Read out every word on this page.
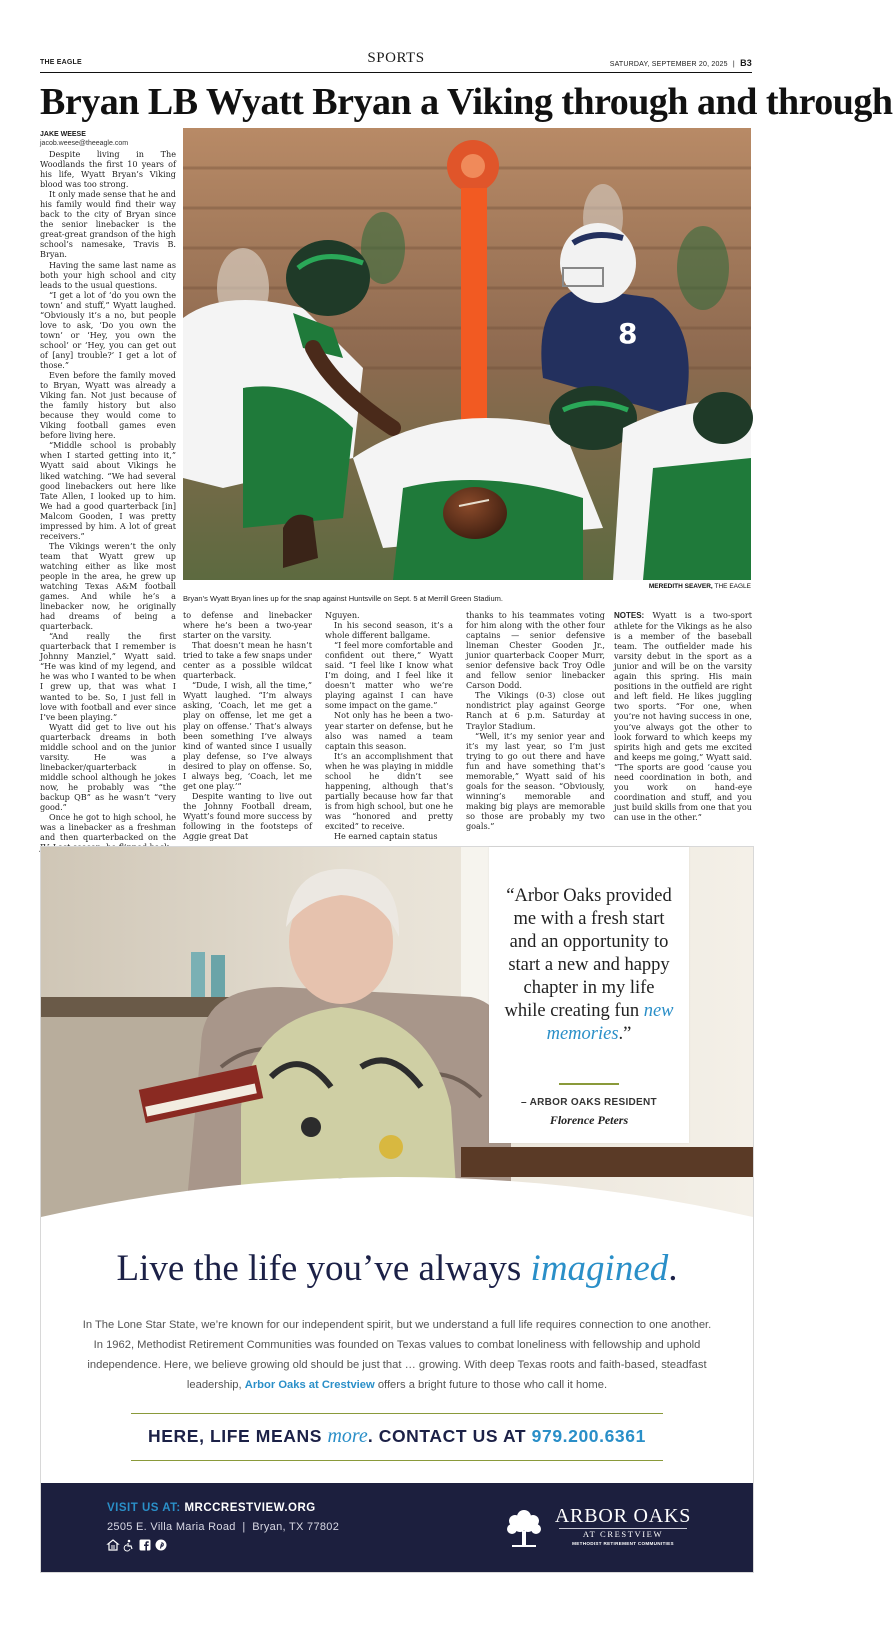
THE EAGLE	SPORTS	SATURDAY, SEPTEMBER 20, 2025 | B3
Bryan LB Wyatt Bryan a Viking through and through
JAKE WEESE
jacob.weese@theeagle.com

Despite living in The Woodlands the first 10 years of his life, Wyatt Bryan’s Viking blood was too strong.

It only made sense that he and his family would find their way back to the city of Bryan since the senior linebacker is the great-great grandson of the high school’s namesake, Travis B. Bryan.

Having the same last name as both your high school and city leads to the usual questions.

“I get a lot of ‘do you own the town’ and stuff,” Wyatt laughed. “Obviously it’s a no, but people love to ask, ‘Do you own the town’ or ‘Hey, you own the school’ or ‘Hey, you can get out of [any] trouble?’ I get a lot of those.”

Even before the family moved to Bryan, Wyatt was already a Viking fan. Not just because of the family history but also because they would come to Viking football games even before living here.

“Middle school is probably when I started getting into it,” Wyatt said about Vikings he liked watching. “We had several good linebackers out here like Tate Allen, I looked up to him. We had a good quarterback [in] Malcom Gooden, I was pretty impressed by him. A lot of great receivers.”

The Vikings weren’t the only team that Wyatt grew up watching either as like most people in the area, he grew up watching Texas A&M football games. And while he’s a linebacker now, he originally had dreams of being a quarterback.

“And really the first quarterback that I remember is Johnny Manziel,” Wyatt said. “He was kind of my legend, and he was who I wanted to be when I grew up, that was what I wanted to be. So, I just fell in love with football and ever since I’ve been playing.”

Wyatt did get to live out his quarterback dreams in both middle school and on the junior varsity. He was a linebacker/quarterback in middle school although he jokes now, he probably was “the backup QB” as he wasn’t “very good.”

Once he got to high school, he was a linebacker as a freshman and then quarterbacked on the

8
MEREDITH SEAVER, THE EAGLE
Bryan’s Wyatt Bryan lines up for the snap against Huntsville on Sept. 5 at Merrill Green Stadium.

to defense and linebacker where he’s been a two-year starter on the varsity.

That doesn’t mean he hasn’t tried to take a few snaps under center as a possible wildcat quarterback.

“Dude, I wish, all the time,” Wyatt laughed. “I’m always asking, ‘Coach, let me get a play on offense, let me get a play on offense.’ That’s always been something I’ve always kind of wanted since I usually play defense, so I’ve always desired to play on offense. So, I always beg, ‘Coach, let me get one play.’”

Despite wanting to live out the Johnny Football dream, Wyatt’s found more success by following in the footsteps of Aggie great Dat

Nguyen.

In his second season, it’s a whole different ballgame.

“I feel more comfortable and confident out there,” Wyatt said. “I feel like I know what I’m doing, and I feel like it doesn’t matter who we’re playing against I can have some impact on the game.”

Not only has he been a two-year starter on defense, but he also was named a team captain this season.

It’s an accomplishment that when he was playing in middle school he didn’t see happening, although that’s partially because how far that is from high school, but one he was “honored and pretty excited” to receive.

He earned captain status

thanks to his teammates voting for him along with the other four captains — senior defensive lineman Chester Gooden Jr., junior quarterback Cooper Murr, senior defensive back Troy Odle and fellow senior linebacker Carson Dodd.

The Vikings (0-3) close out nondistrict play against George Ranch at 6 p.m. Saturday at Traylor Stadium.

“Well, it’s my senior year and it’s my last year, so I’m just trying to go out there and have fun and have something that’s memorable,” Wyatt said of his goals for the season. “Obviously, winning’s memorable and making big plays are memorable so those are probably my two goals.”

NOTES: Wyatt is a two-sport athlete for the Vikings as he also is a member of the baseball team. The outfielder made his varsity debut in the sport as a junior and will be on the varsity again this spring. His main positions in the outfield are right and left field. He likes juggling two sports. “For one, when you’re not having success in one, you’ve always got the other to look forward to which keeps my spirits high and gets me excited and keeps me going,” Wyatt said. “The sports are good ’cause you need coordination in both, and you work on hand-eye coordination and stuff, and you just build skills from one that you can use in the other.”

“Arbor Oaks provided me with a fresh start and an opportunity to start a new and happy chapter in my life while creating fun new memories.”
– ARBOR OAKS RESIDENT
Florence Peters
Live the life you’ve always imagined.
In The Lone Star State, we’re known for our independent spirit, but we understand a full life requires connection to one another. In 1962, Methodist Retirement Communities was founded on Texas values to combat loneliness with fellowship and uphold independence. Here, we believe growing old should be just that … growing. With deep Texas roots and faith-based, steadfast leadership, Arbor Oaks at Crestview offers a bright future to those who call it home.
HERE, LIFE MEANS more. CONTACT US AT 979.200.6361
VISIT US AT: MRCCRESTVIEW.ORG
2505 E. Villa Maria Road  |  Bryan, TX 77802	ARBOR OAKS
AT CRESTVIEW
METHODIST RETIREMENT COMMUNITIES
